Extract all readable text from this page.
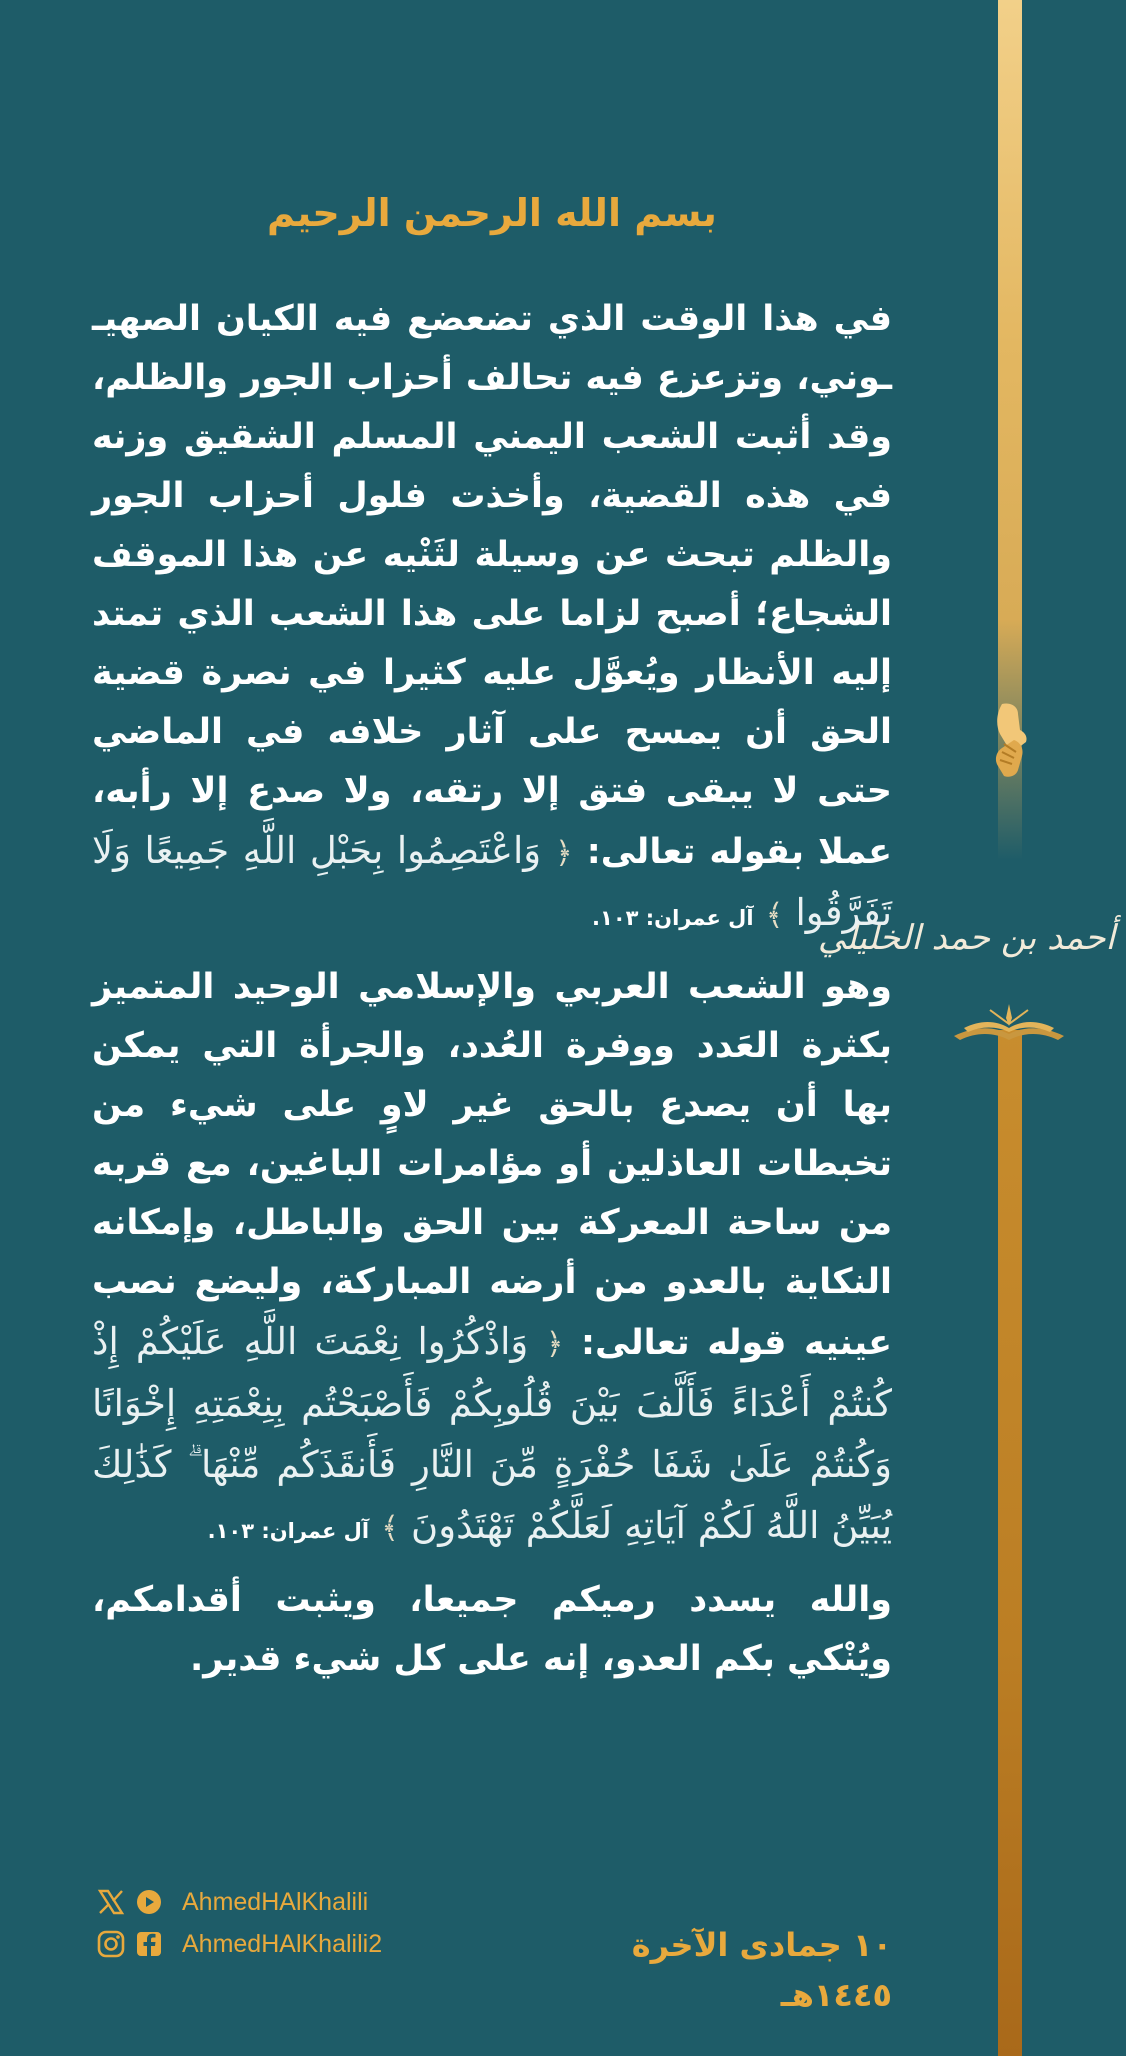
أحمد بن حمد الخليلي
بسم الله الرحمن الرحيم

في هذا الوقت الذي تضعضع فيه الكيان الصهيـ ـوني، وتزعزع فيه تحالف أحزاب الجور والظلم، وقد أثبت الشعب اليمني المسلم الشقيق وزنه في هذه القضية، وأخذت فلول أحزاب الجور والظلم تبحث عن وسيلة لثَنْيه عن هذا الموقف الشجاع؛ أصبح لزاما على هذا الشعب الذي تمتد إليه الأنظار ويُعوَّل عليه كثيرا في نصرة قضية الحق أن يمسح على آثار خلافه في الماضي حتى لا يبقى فتق إلا رتقه، ولا صدع إلا رأبه، عملا بقوله تعالى: ﴿ وَاعْتَصِمُوا بِحَبْلِ اللَّهِ جَمِيعًا وَلَا تَفَرَّقُوا ﴾ آل عمران: ١٠٣.

وهو الشعب العربي والإسلامي الوحيد المتميز بكثرة العَدد ووفرة العُدد، والجرأة التي يمكن بها أن يصدع بالحق غير لاوٍ على شيء من تخبطات العاذلين أو مؤامرات الباغين، مع قربه من ساحة المعركة بين الحق والباطل، وإمكانه النكاية بالعدو من أرضه المباركة، وليضع نصب عينيه قوله تعالى: ﴿ وَاذْكُرُوا نِعْمَتَ اللَّهِ عَلَيْكُمْ إِذْ كُنتُمْ أَعْدَاءً فَأَلَّفَ بَيْنَ قُلُوبِكُمْ فَأَصْبَحْتُم بِنِعْمَتِهِ إِخْوَانًا وَكُنتُمْ عَلَىٰ شَفَا حُفْرَةٍ مِّنَ النَّارِ فَأَنقَذَكُم مِّنْهَا ۗ كَذَٰلِكَ يُبَيِّنُ اللَّهُ لَكُمْ آيَاتِهِ لَعَلَّكُمْ تَهْتَدُونَ ﴾ آل عمران: ١٠٣.

والله يسدد رميكم جميعا، ويثبت أقدامكم، ويُنْكي بكم العدو، إنه على كل شيء قدير.

١٠ جمادى الآخرة ١٤٤٥هـ
AhmedHAlKhalili
AhmedHAlKhalili2
